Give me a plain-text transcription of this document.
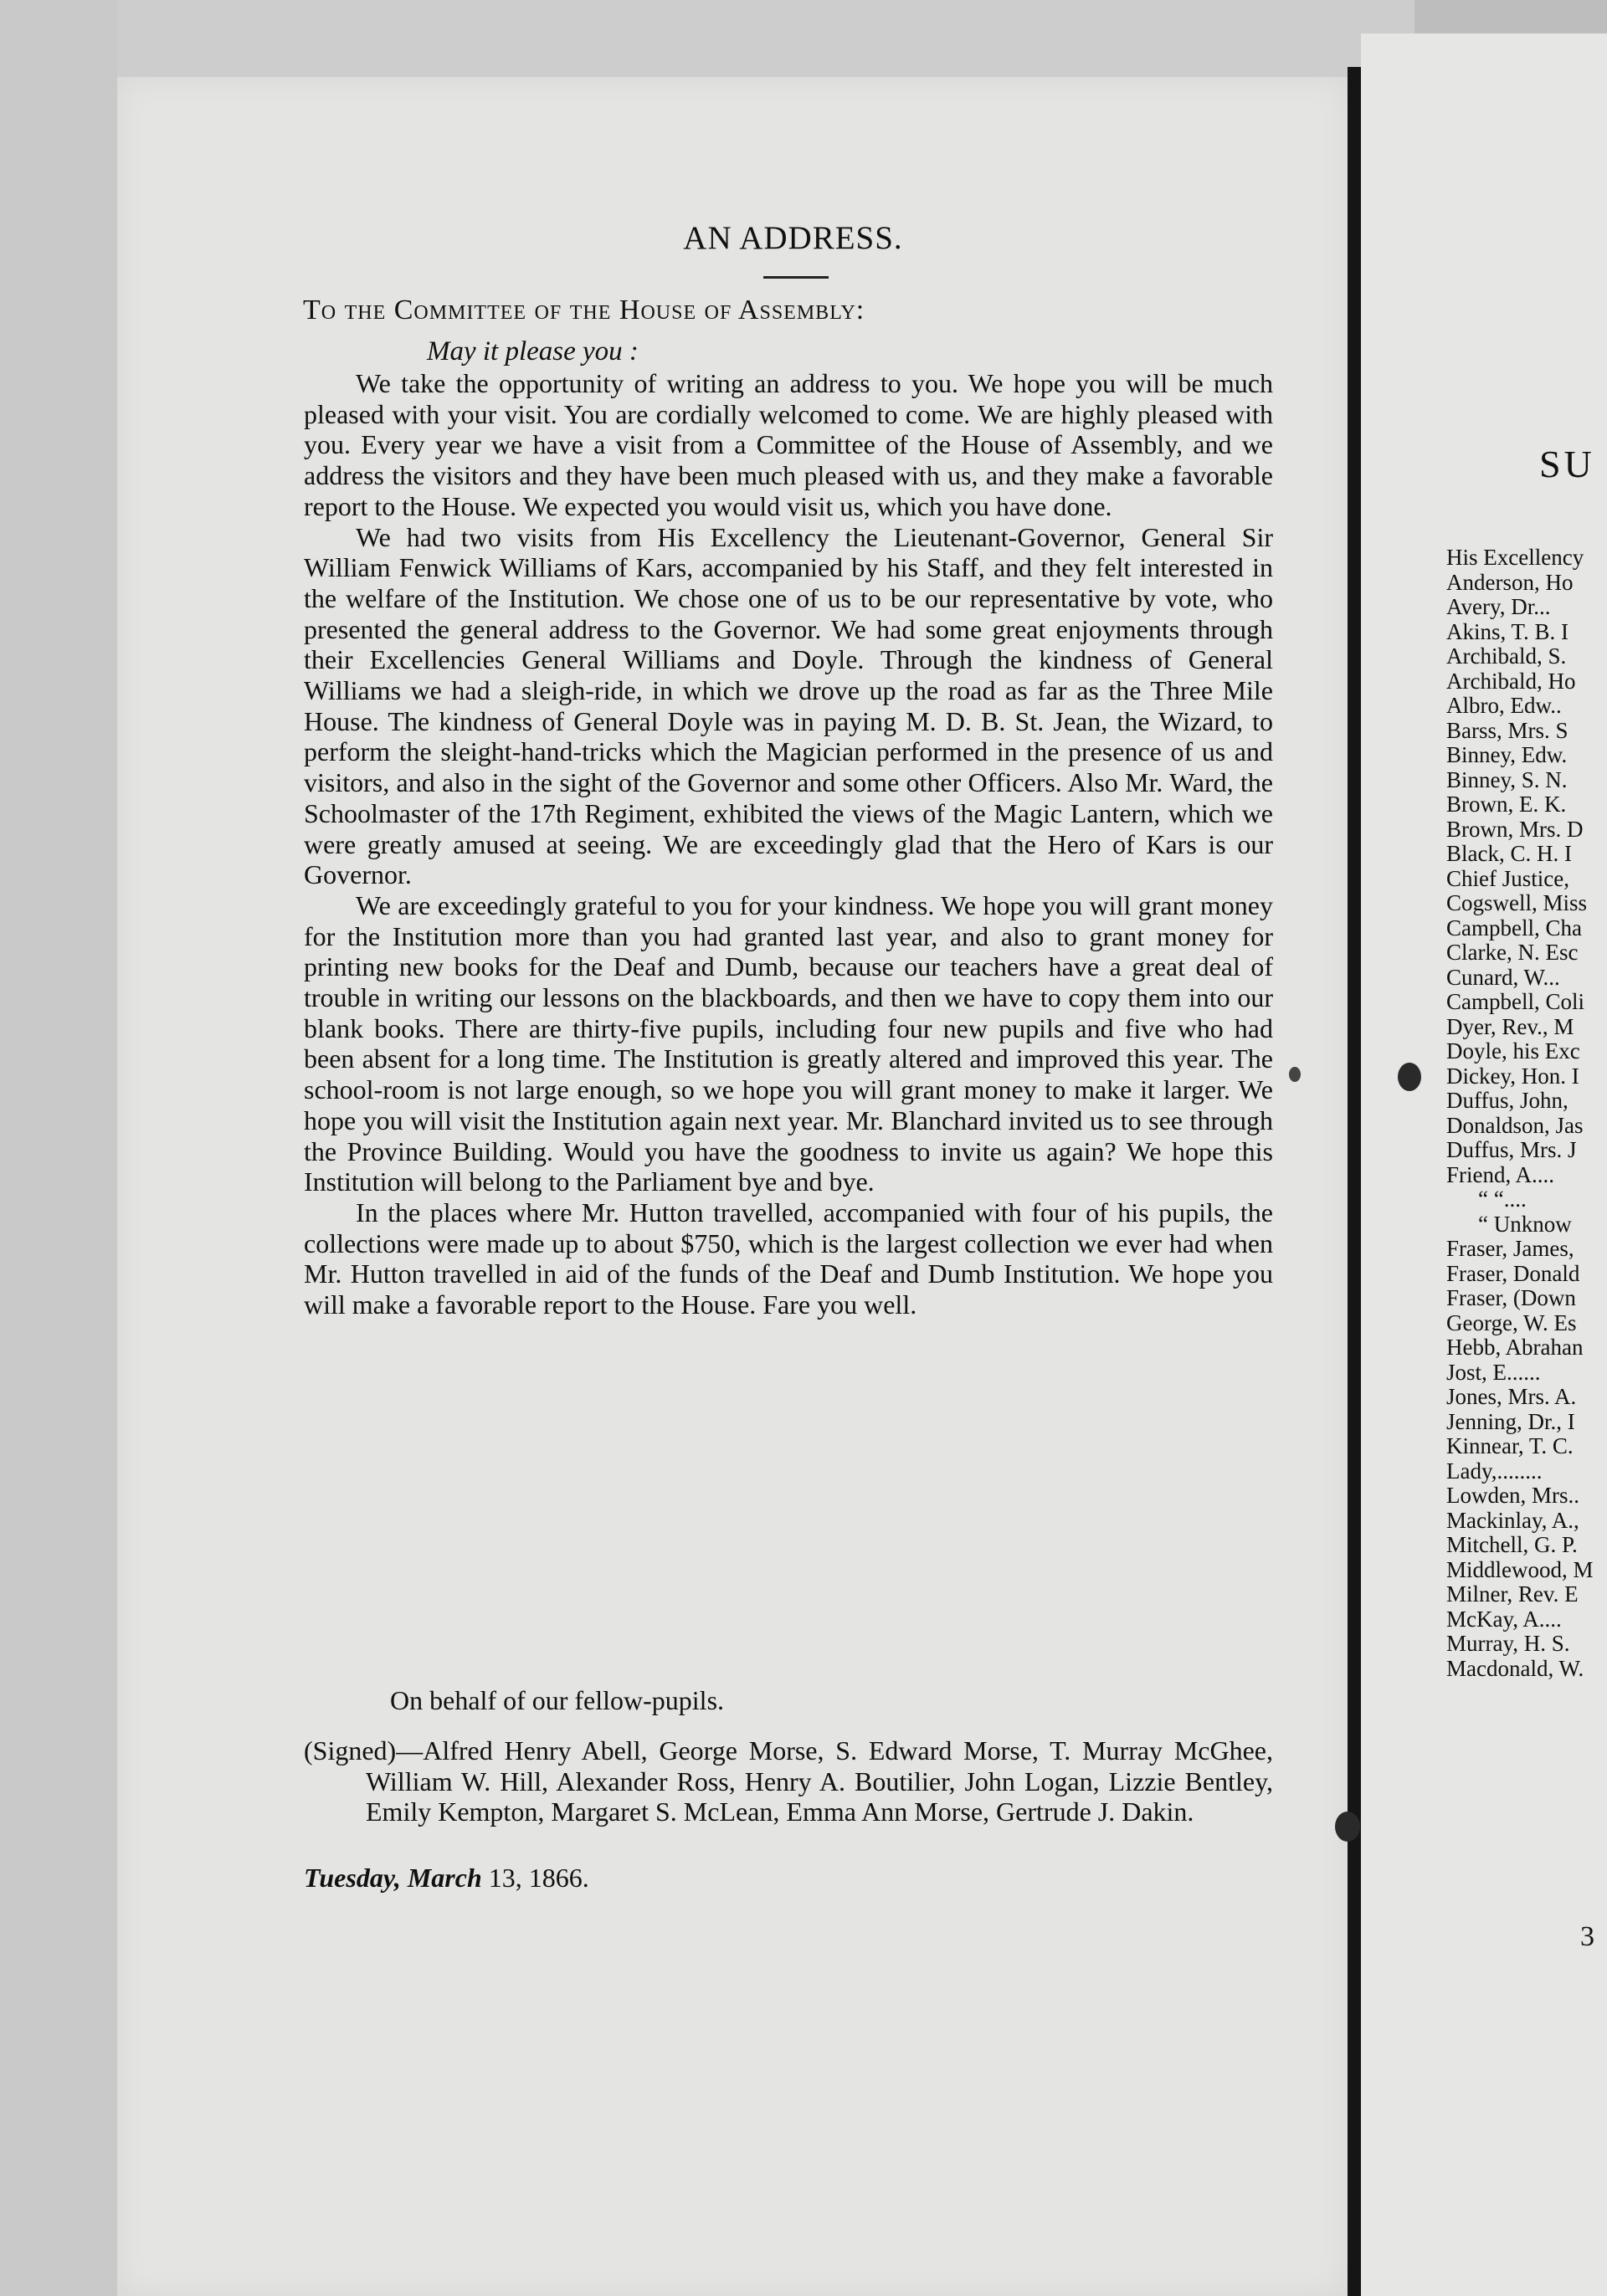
AN ADDRESS.
To the Committee of the House of Assembly:
May it please you :

We take the opportunity of writing an address to you. We hope you will be much pleased with your visit. You are cordially welcomed to come. We are highly pleased with you. Every year we have a visit from a Committee of the House of Assembly, and we address the visitors and they have been much pleased with us, and they make a favorable report to the House. We expected you would visit us, which you have done.

We had two visits from His Excellency the Lieutenant-Governor, General Sir William Fenwick Williams of Kars, accompanied by his Staff, and they felt interested in the welfare of the Institution. We chose one of us to be our representative by vote, who presented the general address to the Governor. We had some great enjoyments through their Excellencies General Williams and Doyle. Through the kindness of General Williams we had a sleigh-ride, in which we drove up the road as far as the Three Mile House. The kindness of General Doyle was in paying M. D. B. St. Jean, the Wizard, to perform the sleight-hand-tricks which the Magician performed in the presence of us and visitors, and also in the sight of the Governor and some other Officers. Also Mr. Ward, the Schoolmaster of the 17th Regiment, exhibited the views of the Magic Lantern, which we were greatly amused at seeing. We are exceedingly glad that the Hero of Kars is our Governor.

We are exceedingly grateful to you for your kindness. We hope you will grant money for the Institution more than you had granted last year, and also to grant money for printing new books for the Deaf and Dumb, because our teachers have a great deal of trouble in writing our lessons on the blackboards, and then we have to copy them into our blank books. There are thirty-five pupils, including four new pupils and five who had been absent for a long time. The Institution is greatly altered and improved this year. The school-room is not large enough, so we hope you will grant money to make it larger. We hope you will visit the Institution again next year. Mr. Blanchard invited us to see through the Province Building. Would you have the goodness to invite us again? We hope this Institution will belong to the Parliament bye and bye.

In the places where Mr. Hutton travelled, accompanied with four of his pupils, the collections were made up to about $750, which is the largest collection we ever had when Mr. Hutton travelled in aid of the funds of the Deaf and Dumb Institution. We hope you will make a favorable report to the House. Fare you well.

On behalf of our fellow-pupils.
(Signed)—Alfred Henry Abell, George Morse, S. Edward Morse, T. Murray McGhee, William W. Hill, Alexander Ross, Henry A. Boutilier, John Logan, Lizzie Bentley, Emily Kempton, Margaret S. McLean, Emma Ann Morse, Gertrude J. Dakin.
Tuesday, March 13, 1866.
SU
His Excellency
Anderson, Ho
Avery, Dr...
Akins, T. B. I
Archibald, S.
Archibald, Ho
Albro, Edw..
Barss, Mrs. S
Binney, Edw.
Binney, S. N.
Brown, E. K.
Brown, Mrs. D
Black, C. H. I
Chief Justice,
Cogswell, Miss
Campbell, Cha
Clarke, N. Esc
Cunard, W...
Campbell, Coli
Dyer, Rev., M
Doyle, his Exc
Dickey, Hon. I
Duffus, John,
Donaldson, Jas
Duffus, Mrs. J
Friend, A....
“ “....
“ Unknow
Fraser, James,
Fraser, Donald
Fraser, (Down
George, W. Es
Hebb, Abrahan
Jost, E......
Jones, Mrs. A.
Jenning, Dr., I
Kinnear, T. C.
Lady,........
Lowden, Mrs..
Mackinlay, A.,
Mitchell, G. P.
Middlewood, M
Milner, Rev. E
McKay, A....
Murray, H. S.
Macdonald, W.
3
